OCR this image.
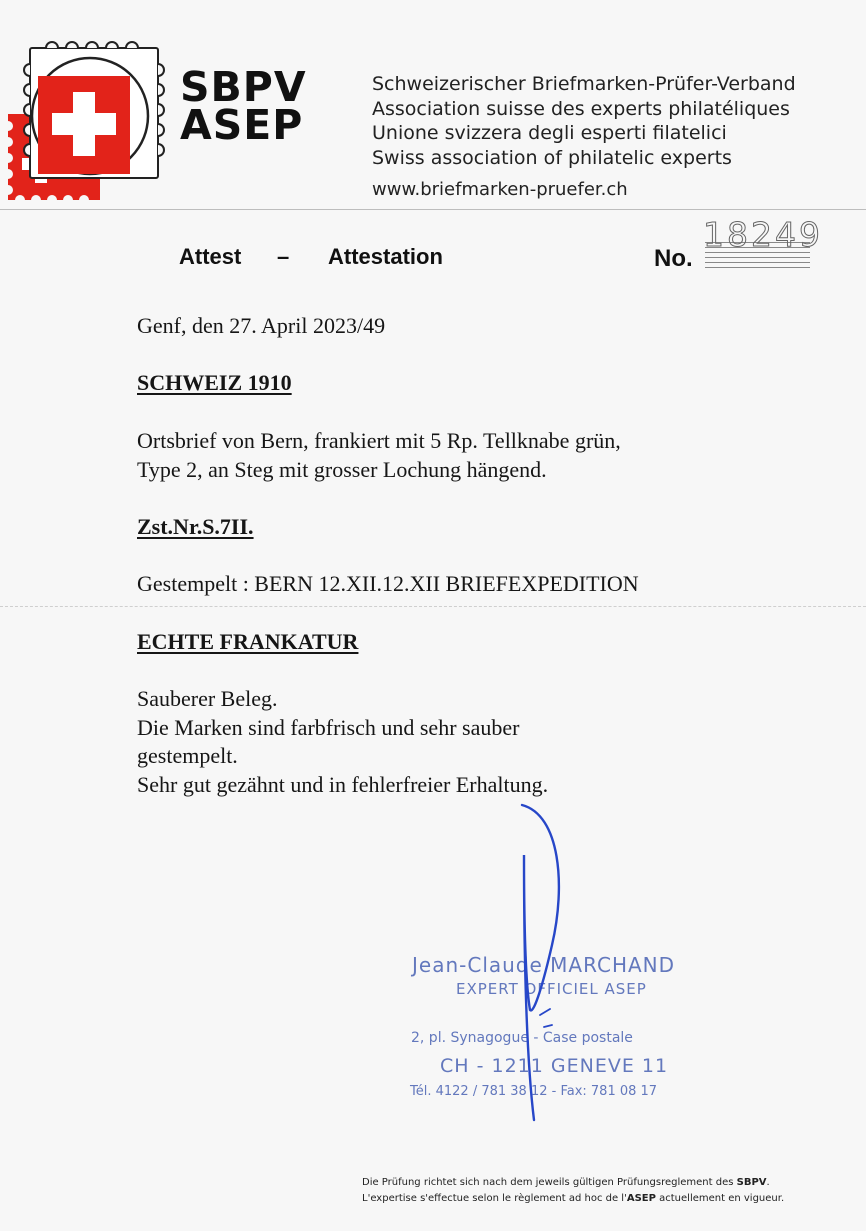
SBPV
ASEP
Schweizerischer Briefmarken-Prüfer-Verband
Association suisse des experts philatéliques
Unione svizzera degli esperti filatelici
Swiss association of philatelic experts
www.briefmarken-pruefer.ch
Attest – Attestation	No.
18249
Genf, den 27. April 2023/49
SCHWEIZ 1910
Ortsbrief von Bern, frankiert mit 5 Rp. Tellknabe grün,
Type 2, an Steg mit grosser Lochung hängend.
Zst.Nr.S.7II.
Gestempelt : BERN 12.XII.12.XII BRIEFEXPEDITION
ECHTE FRANKATUR
Sauberer Beleg.
Die Marken sind farbfrisch und sehr sauber
gestempelt.
Sehr gut gezähnt und in fehlerfreier Erhaltung.
Jean-Claude MARCHAND
EXPERT OFFICIEL ASEP
2, pl. Synagogue - Case postale
CH - 1211 GENEVE 11
Tél. 4122 / 781 38 12 - Fax: 781 08 17
Die Prüfung richtet sich nach dem jeweils gültigen Prüfungsreglement des SBPV.
L'expertise s'effectue selon le règlement ad hoc de l'ASEP actuellement en vigueur.
